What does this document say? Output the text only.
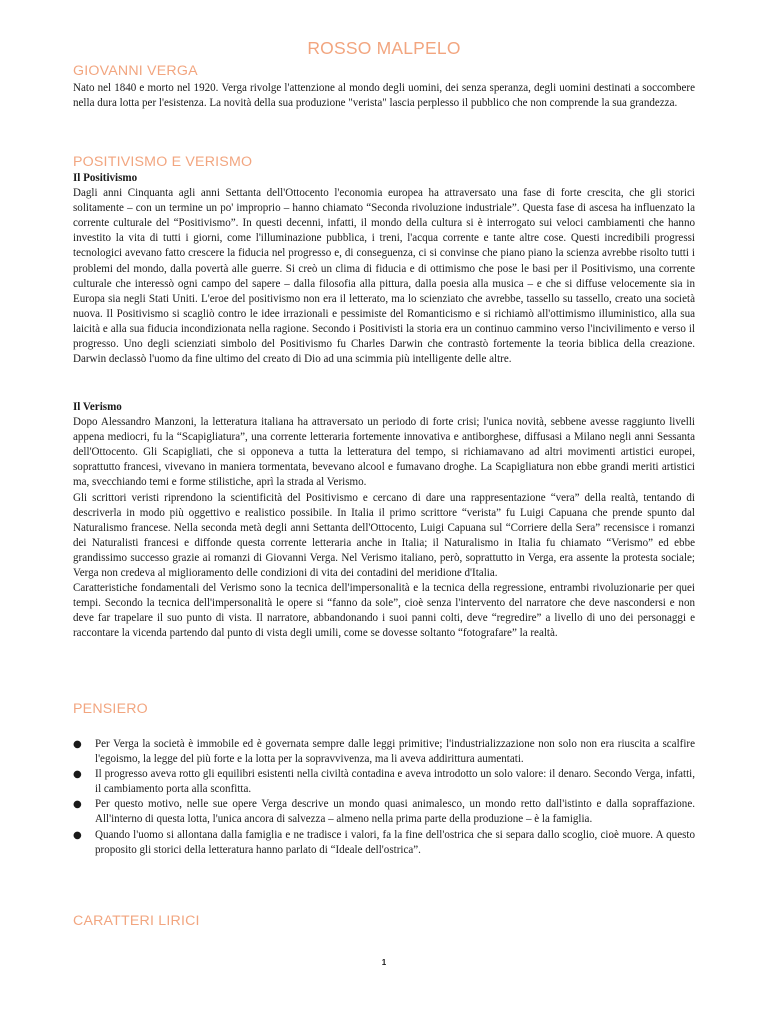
ROSSO MALPELO
GIOVANNI VERGA

Nato nel 1840 e morto nel 1920. Verga rivolge l'attenzione al mondo degli uomini, dei senza speranza, degli uomini destinati a soccombere nella dura lotta per l'esistenza. La novità della sua produzione "verista" lascia perplesso il pubblico che non comprende la sua grandezza.

POSITIVISMO E VERISMO

Il Positivismo

Dagli anni Cinquanta agli anni Settanta dell'Ottocento l'economia europea ha attraversato una fase di forte crescita, che gli storici solitamente – con un termine un po' improprio – hanno chiamato “Seconda rivoluzione industriale”. Questa fase di ascesa ha influenzato la corrente culturale del “Positivismo”. In questi decenni, infatti, il mondo della cultura si è interrogato sui veloci cambiamenti che hanno investito la vita di tutti i giorni, come l'illuminazione pubblica, i treni, l'acqua corrente e tante altre cose. Questi incredibili progressi tecnologici avevano fatto crescere la fiducia nel progresso e, di conseguenza, ci si convinse che piano piano la scienza avrebbe risolto tutti i problemi del mondo, dalla povertà alle guerre. Si creò un clima di fiducia e di ottimismo che pose le basi per il Positivismo, una corrente culturale che interessò ogni campo del sapere – dalla filosofia alla pittura, dalla poesia alla musica – e che si diffuse velocemente sia in Europa sia negli Stati Uniti. L'eroe del positivismo non era il letterato, ma lo scienziato che avrebbe, tassello su tassello, creato una società nuova. Il Positivismo si scagliò contro le idee irrazionali e pessimiste del Romanticismo e si richiamò all'ottimismo illuministico, alla sua laicità e alla sua fiducia incondizionata nella ragione. Secondo i Positivisti la storia era un continuo cammino verso l'incivilimento e verso il progresso. Uno degli scienziati simbolo del Positivismo fu Charles Darwin che contrastò fortemente la teoria biblica della creazione. Darwin declassò l'uomo da fine ultimo del creato di Dio ad una scimmia più intelligente delle altre.

Il Verismo

Dopo Alessandro Manzoni, la letteratura italiana ha attraversato un periodo di forte crisi; l'unica novità, sebbene avesse raggiunto livelli appena mediocri, fu la “Scapigliatura”, una corrente letteraria fortemente innovativa e antiborghese, diffusasi a Milano negli anni Sessanta dell'Ottocento. Gli Scapigliati, che si opponeva a tutta la letteratura del tempo, si richiamavano ad altri movimenti artistici europei, soprattutto francesi, vivevano in maniera tormentata, bevevano alcool e fumavano droghe. La Scapigliatura non ebbe grandi meriti artistici ma, svecchiando temi e forme stilistiche, aprì la strada al Verismo.

Gli scrittori veristi riprendono la scientificità del Positivismo e cercano di dare una rappresentazione “vera” della realtà, tentando di descriverla in modo più oggettivo e realistico possibile. In Italia il primo scrittore “verista” fu Luigi Capuana che prende spunto dal Naturalismo francese. Nella seconda metà degli anni Settanta dell'Ottocento, Luigi Capuana sul “Corriere della Sera” recensisce i romanzi dei Naturalisti francesi e diffonde questa corrente letteraria anche in Italia; il Naturalismo in Italia fu chiamato “Verismo” ed ebbe grandissimo successo grazie ai romanzi di Giovanni Verga. Nel Verismo italiano, però, soprattutto in Verga, era assente la protesta sociale; Verga non credeva al miglioramento delle condizioni di vita dei contadini del meridione d'Italia.

Caratteristiche fondamentali del Verismo sono la tecnica dell'impersonalità e la tecnica della regressione, entrambi rivoluzionarie per quei tempi. Secondo la tecnica dell'impersonalità le opere si “fanno da sole”, cioè senza l'intervento del narratore che deve nascondersi e non deve far trapelare il suo punto di vista. Il narratore, abbandonando i suoi panni colti, deve “regredire” a livello di uno dei personaggi e raccontare la vicenda partendo dal punto di vista degli umili, come se dovesse soltanto “fotografare” la realtà.

PENSIERO
● Per Verga la società è immobile ed è governata sempre dalle leggi primitive; l'industrializzazione non solo non era riuscita a scalfire l'egoismo, la legge del più forte e la lotta per la sopravvivenza, ma li aveva addirittura aumentati.
● Il progresso aveva rotto gli equilibri esistenti nella civiltà contadina e aveva introdotto un solo valore: il denaro. Secondo Verga, infatti, il cambiamento porta alla sconfitta.
● Per questo motivo, nelle sue opere Verga descrive un mondo quasi animalesco, un mondo retto dall'istinto e dalla sopraffazione. All'interno di questa lotta, l'unica ancora di salvezza – almeno nella prima parte della produzione – è la famiglia.
● Quando l'uomo si allontana dalla famiglia e ne tradisce i valori, fa la fine dell'ostrica che si separa dallo scoglio, cioè muore. A questo proposito gli storici della letteratura hanno parlato di “Ideale dell'ostrica”.
CARATTERI LIRICI
1
